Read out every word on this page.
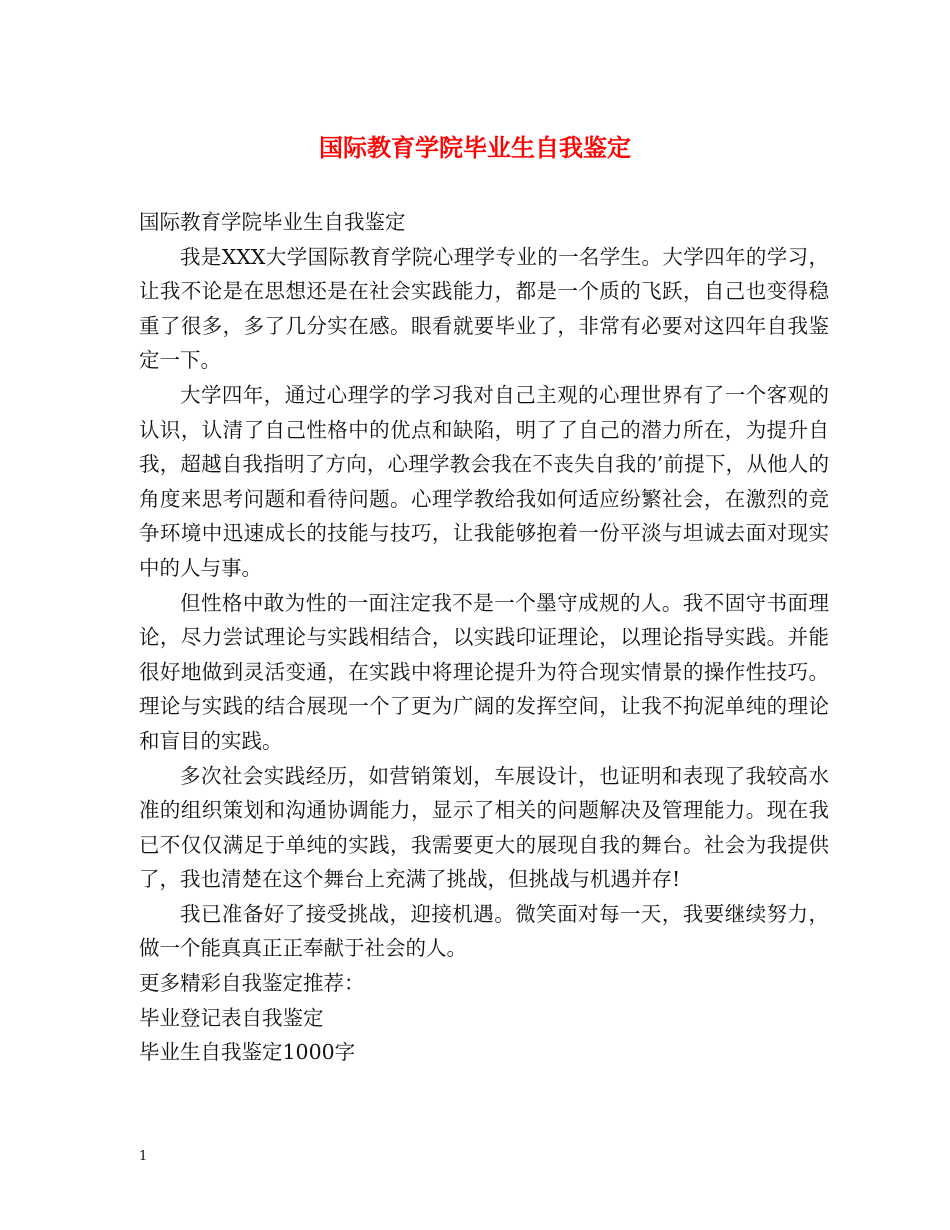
国际教育学院毕业生自我鉴定

国际教育学院毕业生自我鉴定

我是XXX大学国际教育学院心理学专业的一名学生。大学四年的学习，让我不论是在思想还是在社会实践能力，都是一个质的飞跃，自己也变得稳重了很多，多了几分实在感。眼看就要毕业了，非常有必要对这四年自我鉴定一下。

大学四年，通过心理学的学习我对自己主观的心理世界有了一个客观的认识，认清了自己性格中的优点和缺陷，明了了自己的潜力所在，为提升自我，超越自我指明了方向，心理学教会我在不丧失自我的’前提下，从他人的角度来思考问题和看待问题。心理学教给我如何适应纷繁社会，在激烈的竞争环境中迅速成长的技能与技巧，让我能够抱着一份平淡与坦诚去面对现实中的人与事。

但性格中敢为性的一面注定我不是一个墨守成规的人。我不固守书面理论，尽力尝试理论与实践相结合，以实践印证理论，以理论指导实践。并能很好地做到灵活变通，在实践中将理论提升为符合现实情景的操作性技巧。理论与实践的结合展现一个了更为广阔的发挥空间，让我不拘泥单纯的理论和盲目的实践。

多次社会实践经历，如营销策划，车展设计，也证明和表现了我较高水准的组织策划和沟通协调能力，显示了相关的问题解决及管理能力。现在我已不仅仅满足于单纯的实践，我需要更大的展现自我的舞台。社会为我提供了，我也清楚在这个舞台上充满了挑战，但挑战与机遇并存!

我已准备好了接受挑战，迎接机遇。微笑面对每一天，我要继续努力，做一个能真真正正奉献于社会的人。

更多精彩自我鉴定推荐：

毕业登记表自我鉴定

毕业生自我鉴定1000字

1
